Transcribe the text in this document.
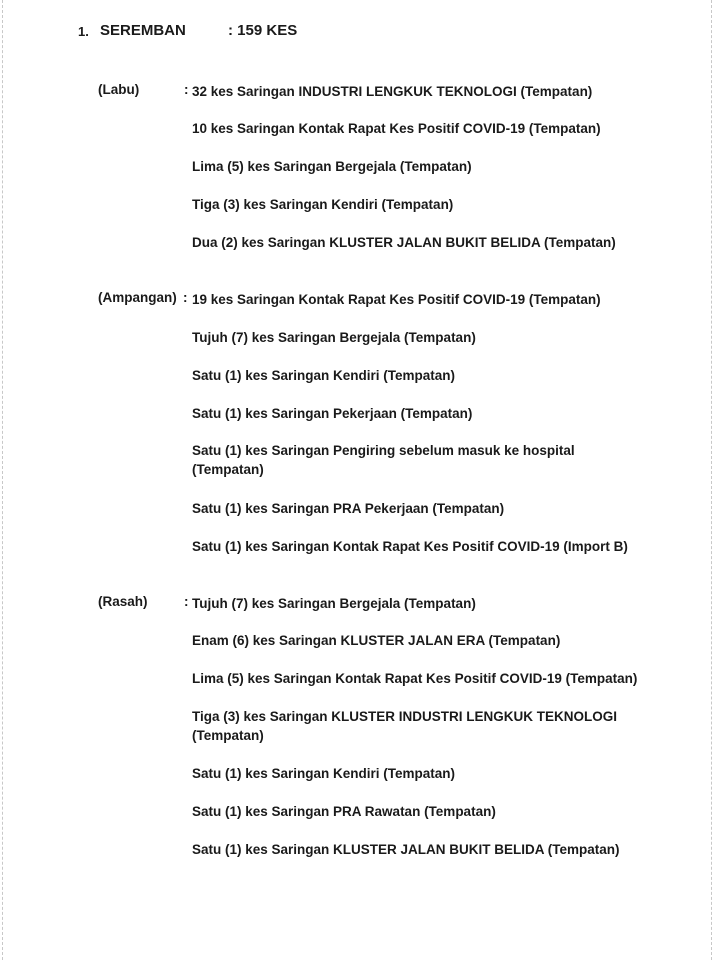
1. SEREMBAN	: 159 KES
(Labu)	: 32 kes Saringan INDUSTRI LENGKUK TEKNOLOGI (Tempatan)
10 kes Saringan Kontak Rapat Kes Positif COVID-19 (Tempatan)
Lima (5) kes Saringan Bergejala (Tempatan)
Tiga (3) kes Saringan Kendiri (Tempatan)
Dua (2) kes Saringan KLUSTER JALAN BUKIT BELIDA (Tempatan)
(Ampangan) : 19 kes Saringan Kontak Rapat Kes Positif COVID-19 (Tempatan)
Tujuh (7) kes Saringan Bergejala (Tempatan)
Satu (1) kes Saringan Kendiri (Tempatan)
Satu (1) kes Saringan Pekerjaan (Tempatan)
Satu (1) kes Saringan Pengiring sebelum masuk ke hospital (Tempatan)
Satu (1) kes Saringan PRA Pekerjaan (Tempatan)
Satu (1) kes Saringan Kontak Rapat Kes Positif COVID-19 (Import B)
(Rasah)	: Tujuh (7) kes Saringan Bergejala (Tempatan)
Enam (6) kes Saringan KLUSTER JALAN ERA (Tempatan)
Lima (5) kes Saringan Kontak Rapat Kes Positif COVID-19 (Tempatan)
Tiga (3) kes Saringan KLUSTER INDUSTRI LENGKUK TEKNOLOGI (Tempatan)
Satu (1) kes Saringan Kendiri (Tempatan)
Satu (1) kes Saringan PRA Rawatan (Tempatan)
Satu (1) kes Saringan KLUSTER JALAN BUKIT BELIDA (Tempatan)
